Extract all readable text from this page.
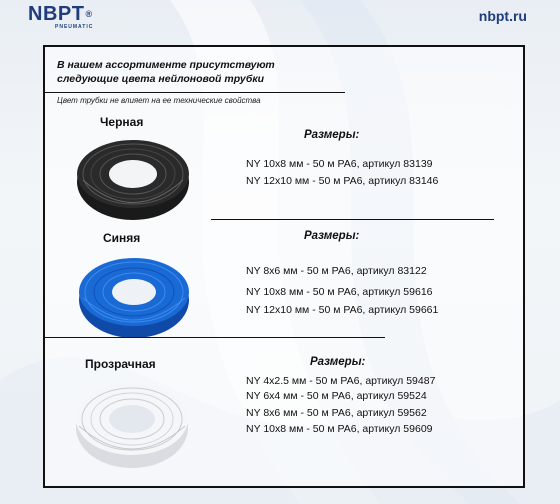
NBPT®
PNEUMATIC
nbpt.ru
В нашем ассортименте присутствуют
следующие цвета нейлоновой трубки
Цвет трубки не влияет на ее технические свойства
Черная
Размеры:
NY 10x8 мм - 50 м PA6, артикул 83139
NY 12x10 мм - 50 м PA6, артикул 83146
Синяя	Размеры:
NY 8x6 мм - 50 м PA6, артикул 83122
NY 10x8 мм - 50 м PA6, артикул 59616
NY 12x10 мм - 50 м PA6, артикул 59661
Прозрачная	Размеры:
NY 4x2.5 мм - 50 м PA6, артикул 59487
NY 6x4 мм - 50 м PA6, артикул 59524
NY 8x6 мм - 50 м PA6, артикул 59562
NY 10x8 мм - 50 м PA6, артикул 59609
